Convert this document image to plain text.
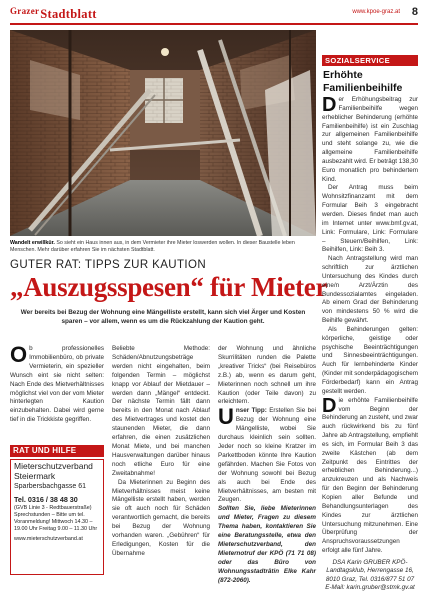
$^{Grazer}$Stadtblatt	www.kpoe-graz.at 8
Wandelt erwillkür. So sieht ein Haus innen aus, in dem Vermieter ihre Mieter loswerden wollen. In dieser Baustelle leben Menschen. Mehr darüber erfahren Sie im nächsten Stadtblatt.
GUTER RAT: TIPPS ZUR KAUTION
„Auszugsspesen“ für Mieter
Wer bereits bei Bezug der Wohnung eine Mängelliste erstellt, kann sich viel Ärger und Kosten sparen – vor allem, wenn es um die Rückzahlung der Kaution geht.
O b professionelles Immobilienbüro, ob private Vermieterin, ein spezieller Wunsch eint sie nicht selten: Nach Ende des Mietverhältnisses möglichst viel von der vom Mieter hinterlegten Kaution einzubehalten. Dabei wird gerne tief in die Trickkiste gegriffen.

Beliebte Methode: Schäden/Abnutzungsbeträge werden nicht eingehalten, beim folgenden Termin – möglichst knapp vor Ablauf der Mietdauer – werden dann „Mängel“ entdeckt. Der nächste Termin fällt dann bereits in den Monat nach Ablauf des Mietvertrages und kostet den staunenden Mieter, die dann erfahren, die einen zusätzlichen Monat Miete, und bei manchen Hausverwaltungen darüber hinaus noch etliche Euro für eine Zweitabnahme!

Da Mieterinnen zu Beginn des Mietverhältnisses meist keine Mängelliste erstellt haben, werden sie oft auch noch für Schäden verantwortlich gemacht, die bereits bei Bezug der Wohnung vorhanden waren. „Gebühren“ für Erledigungen, Kosten für die Übernahme

der Wohnung und ähnliche Skurrilitäten runden die Palette „kreativer Tricks“ (bei Reisebüros z.B.) ab, wenn es darum geht, Mieterinnen noch schnell um ihre Kaution (oder Teile davon) zu erleichtern.

Unser Tipp: Erstellen Sie bei Bezug der Wohnung eine Mängelliste, wobei Sie durchaus kleinlich sein sollten. Jeder noch so kleine Kratzer im Parkettboden könnte Ihre Kaution gefährden. Machen Sie Fotos von der Wohnung sowohl bei Bezug als auch bei Ende des Mietverhältnisses, am besten mit Zeugen.

Sollten Sie, liebe Mieterinnen und Mieter, Fragen zu diesem Thema haben, kontaktieren Sie eine Beratungsstelle, etwa den Mieterschutzverband, den Mieternotruf der KPÖ (71 71 08) oder das Büro von Wohnungsstadträtin Elke Kahr (872-2060).

RAT UND HILFE
Mieterschutzverband Steiermark
Sparbersbachgasse 61
Tel. 0316 / 38 48 30
(GVB Linie 3 - Redtbauerstraße) Sprechstunden – Bitte um tel. Voranmeldung! Mittwoch 14.30 – 19.00 Uhr Freitag 9.00 – 11.30 Uhr
www.mieterschutzverband.at
SOZIALSERVICE
Erhöhte Familienbeihilfe

Der Erhöhungsbeitrag zur Familienbeihilfe wegen erheblicher Behinderung (erhöhte Familienbeihilfe) ist ein Zuschlag zur allgemeinen Familienbeihilfe und steht solange zu, wie die allgemeine Familienbeihilfe ausbezahlt wird. Er beträgt 138,30 Euro monatlich pro behindertem Kind.

Der Antrag muss beim Wohnsitzfinanzamt mit dem Formular Beih 3 eingebracht werden. Dieses findet man auch im Internet unter www.bmf.gv.at, Link: Formulare, Link: Formulare – Steuern/Beihilfen, Link: Beihilfen, Link: Beih 3.

Nach Antragstellung wird man schriftlich zur ärztlichen Untersuchung des Kindes durch eine/n Arzt/Ärztin des Bundessozialamtes eingeladen. Ab einem Grad der Behinderung von mindestens 50 % wird die Beihilfe gewährt.

Als Behinderungen gelten: körperliche, geistige oder psychische Beeinträchtigungen und Sinnesbeeinträchtigungen. Auch für lernbehinderte Kinder (Kinder mit sonderpädagogischem Förderbedarf) kann ein Antrag gestellt werden.

Die erhöhte Familienbeihilfe vom Beginn der Behinderung an zusteht, und zwar auch rückwirkend bis zu fünf Jahre ab Antragstellung, empfiehlt es sich, im Formular Beih 3 das zweite Kästchen (ab dem Zeitpunkt des Eintrittes der erheblichen Behinderung...) anzukreuzen und als Nachweis für den Beginn der Behinderung Kopien aller Befunde und Behandlungsunterlagen des Kindes zur ärztlichen Untersuchung mitzunehmen. Eine Überprüfung der Anspruchsvoraussetzungen erfolgt alle fünf Jahre.

DSA Karin GRUBER KPÖ-Landtagsklub, Herrengasse 16, 8010 Graz, Tel. 0316/877 51 07 E-Mail: karin.gruber@stmk.gv.at
